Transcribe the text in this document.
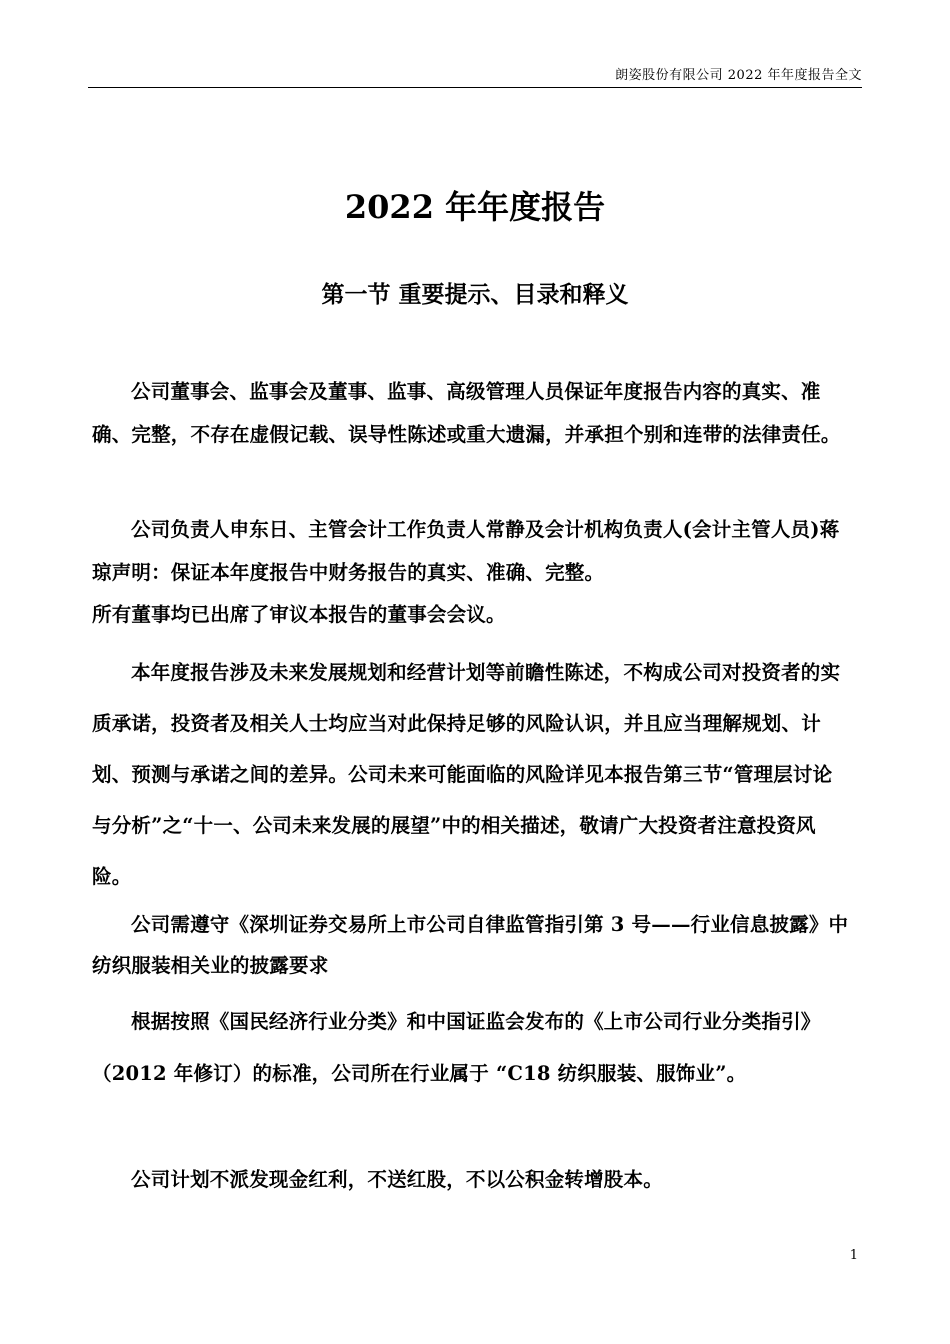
朗姿股份有限公司 2022 年年度报告全文
2022 年年度报告
第一节 重要提示、目录和释义

公司董事会、监事会及董事、监事、高级管理人员保证年度报告内容的真实、准确、完整，不存在虚假记载、误导性陈述或重大遗漏，并承担个别和连带的法律责任。

公司负责人申东日、主管会计工作负责人常静及会计机构负责人(会计主管人员)蒋琼声明：保证本年度报告中财务报告的真实、准确、完整。

所有董事均已出席了审议本报告的董事会会议。

本年度报告涉及未来发展规划和经营计划等前瞻性陈述，不构成公司对投资者的实质承诺，投资者及相关人士均应当对此保持足够的风险认识，并且应当理解规划、计划、预测与承诺之间的差异。公司未来可能面临的风险详见本报告第三节“管理层讨论与分析”之“十一、公司未来发展的展望”中的相关描述，敬请广大投资者注意投资风险。

公司需遵守《深圳证券交易所上市公司自律监管指引第 3 号——行业信息披露》中纺织服装相关业的披露要求

根据按照《国民经济行业分类》和中国证监会发布的《上市公司行业分类指引》（2012 年修订）的标准，公司所在行业属于 “C18 纺织服装、服饰业”。

公司计划不派发现金红利，不送红股，不以公积金转增股本。

1
